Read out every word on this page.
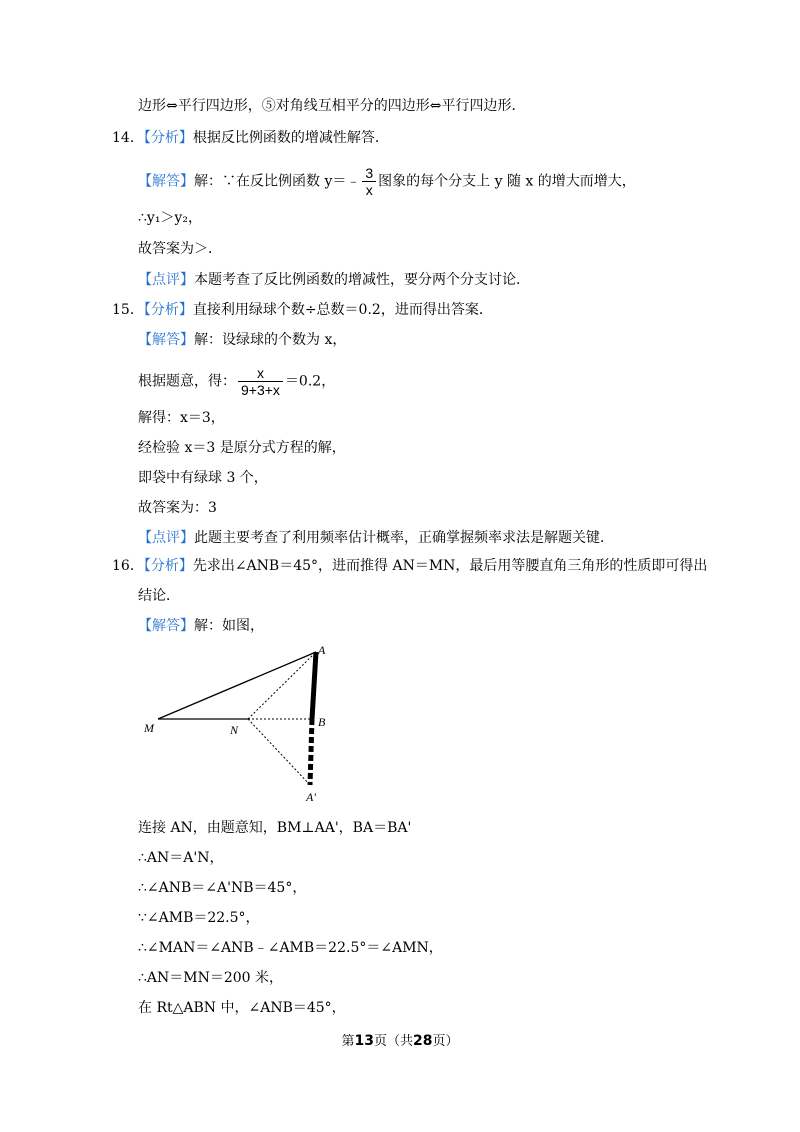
边形⇔平行四边形，⑤对角线互相平分的四边形⇔平行四边形．
14．【分析】根据反比例函数的增减性解答．
【解答】解：∵在反比例函数 y＝﹣ $\frac{3}{x}$ 图象的每个分支上 y 随 x 的增大而增大，
∴y₁＞y₂，
故答案为＞．
【点评】本题考查了反比例函数的增减性，要分两个分支讨论．
15．【分析】直接利用绿球个数÷总数＝0.2，进而得出答案．
【解答】解：设绿球的个数为 x，
根据题意，得： $\frac{x}{9+3+x} =0.2$，
解得：x＝3，
经检验 x＝3 是原分式方程的解，
即袋中有绿球 3 个，
故答案为：3
【点评】此题主要考查了利用频率估计概率，正确掌握频率求法是解题关键．
16．【分析】先求出∠ANB＝45°，进而推得 AN＝MN，最后用等腰直角三角形的性质即可得出
结论．
【解答】解：如图，
A
B
M	N
A'
连接 AN，由题意知，BM⊥AA'，BA＝BA'
∴AN＝A'N，
∴∠ANB＝∠A'NB＝45°，
∵∠AMB＝22.5°，
∴∠MAN＝∠ANB﹣∠AMB＝22.5°＝∠AMN，
∴AN＝MN＝200 米，
在 Rt△ABN 中，∠ANB＝45°，
第13页（共28页）
